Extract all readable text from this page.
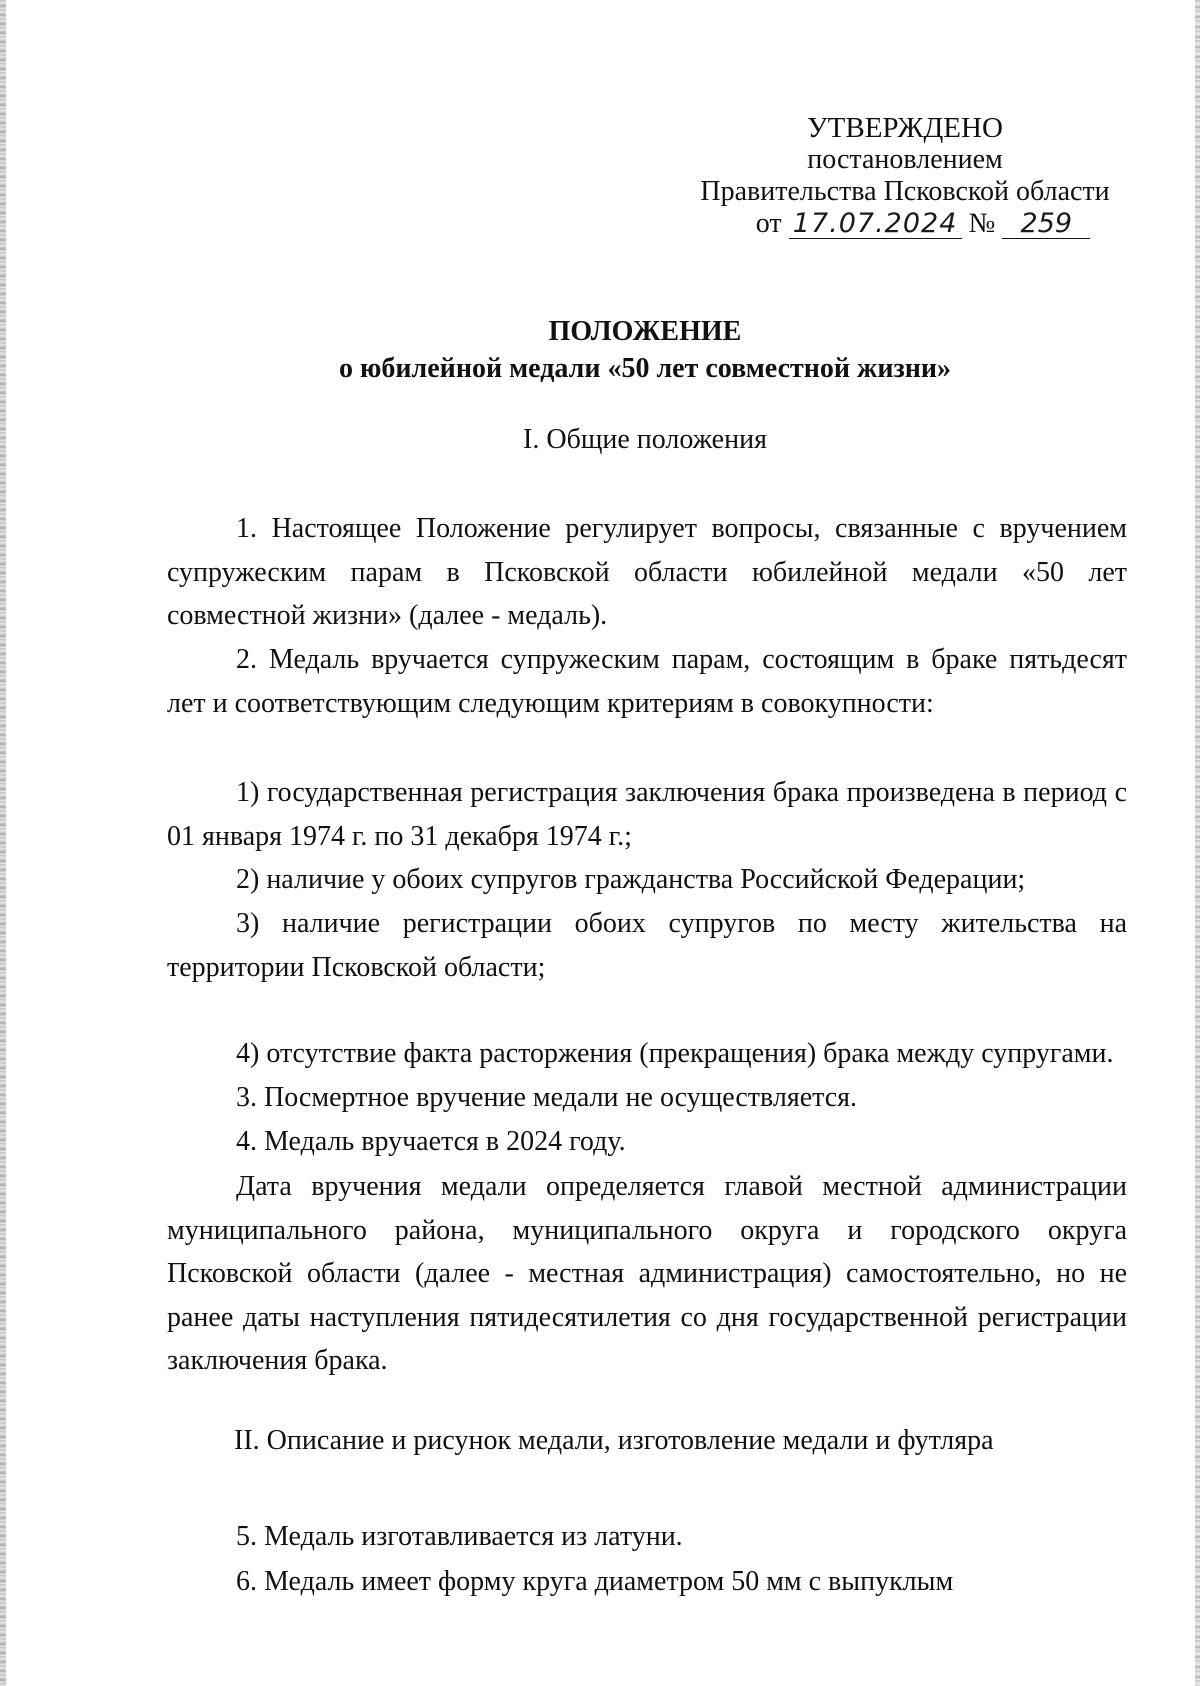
УТВЕРЖДЕНО
постановлением
Правительства Псковской области
от 17.07.2024 № 259
ПОЛОЖЕНИЕ
о юбилейной медали «50 лет совместной жизни»
I. Общие положения
1. Настоящее Положение регулирует вопросы, связанные с вручением супружеским парам в Псковской области юбилейной медали «50 лет совместной жизни» (далее - медаль).
2. Медаль вручается супружеским парам, состоящим в браке пятьдесят лет и соответствующим следующим критериям в совокупности:
1) государственная регистрация заключения брака произведена в период с 01 января 1974 г. по 31 декабря 1974 г.;
2) наличие у обоих супругов гражданства Российской Федерации;
3) наличие регистрации обоих супругов по месту жительства на территории Псковской области;
4) отсутствие факта расторжения (прекращения) брака между супругами.
3. Посмертное вручение медали не осуществляется.
4. Медаль вручается в 2024 году.
Дата вручения медали определяется главой местной администрации муниципального района, муниципального округа и городского округа Псковской области (далее - местная администрация) самостоятельно, но не ранее даты наступления пятидесятилетия со дня государственной регистрации заключения брака.
II. Описание и рисунок медали, изготовление медали и футляра
5. Медаль изготавливается из латуни.
6. Медаль имеет форму круга диаметром 50 мм с выпуклым
